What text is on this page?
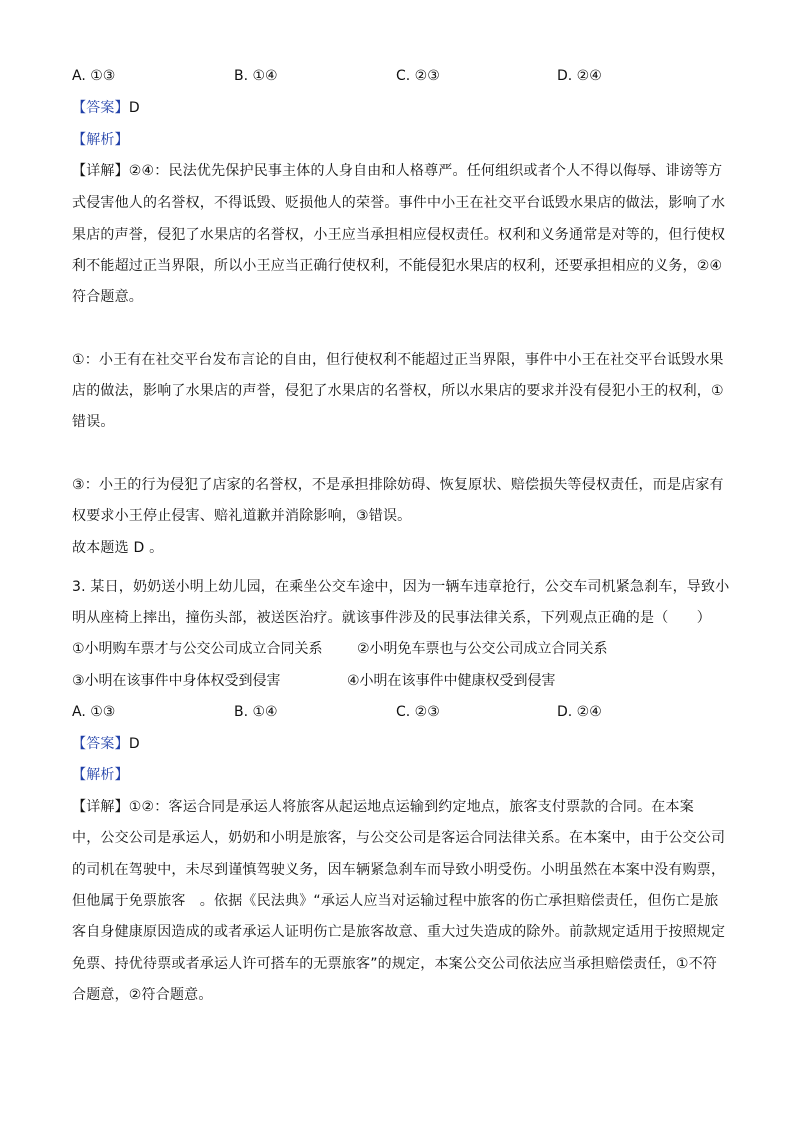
A. ①③	B. ①④	C. ②③	D. ②④
【答案】D
【解析】
【详解】②④：民法优先保护民事主体的人身自由和人格尊严。任何组织或者个人不得以侮辱、诽谤等方
式侵害他人的名誉权，不得诋毁、贬损他人的荣誉。事件中小王在社交平台诋毁水果店的做法，影响了水
果店的声誉，侵犯了水果店的名誉权，小王应当承担相应侵权责任。权利和义务通常是对等的，但行使权
利不能超过正当界限，所以小王应当正确行使权利，不能侵犯水果店的权利，还要承担相应的义务，②④
符合题意。
①：小王有在社交平台发布言论的自由，但行使权利不能超过正当界限，事件中小王在社交平台诋毁水果
店的做法，影响了水果店的声誉，侵犯了水果店的名誉权，所以水果店的要求并没有侵犯小王的权利，①
错误。
③：小王的行为侵犯了店家的名誉权，不是承担排除妨碍、恢复原状、赔偿损失等侵权责任，而是店家有
权要求小王停止侵害、赔礼道歉并消除影响，③错误。
故本题选 D 。
3. 某日，奶奶送小明上幼儿园，在乘坐公交车途中，因为一辆车违章抢行，公交车司机紧急刹车，导致小
明从座椅上摔出，撞伤头部，被送医治疗。就该事件涉及的民事法律关系，下列观点正确的是（　　）
①小明购车票才与公交公司成立合同关系 ②小明免车票也与公交公司成立合同关系
③小明在该事件中身体权受到侵害	④小明在该事件中健康权受到侵害
A. ①③	B. ①④	C. ②③	D. ②④
【答案】D
【解析】
【详解】①②：客运合同是承运人将旅客从起运地点运输到约定地点，旅客支付票款的合同。在本案
中，公交公司是承运人，奶奶和小明是旅客，与公交公司是客运合同法律关系。在本案中，由于公交公司
的司机在驾驶中，未尽到谨慎驾驶义务，因车辆紧急刹车而导致小明受伤。小明虽然在本案中没有购票，
但他属于免票旅客　。依据《民法典》“承运人应当对运输过程中旅客的伤亡承担赔偿责任，但伤亡是旅
客自身健康原因造成的或者承运人证明伤亡是旅客故意、重大过失造成的除外。前款规定适用于按照规定
免票、持优待票或者承运人许可搭车的无票旅客”的规定，本案公交公司依法应当承担赔偿责任，①不符
合题意，②符合题意。
